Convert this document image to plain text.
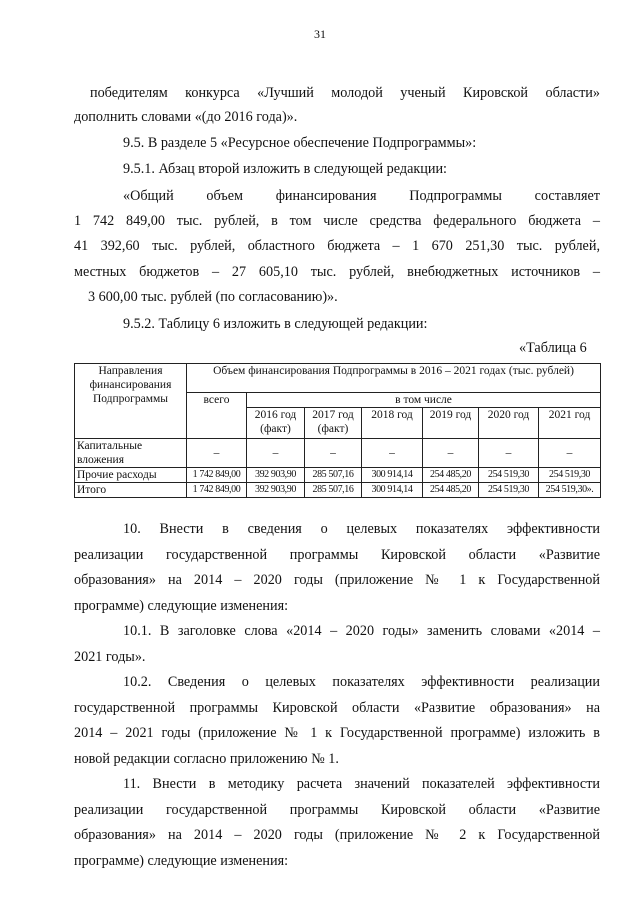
31

победителям конкурса «Лучший молодой ученый Кировской области»

дополнить словами «(до 2016 года)».

9.5. В разделе 5 «Ресурсное обеспечение Подпрограммы»:

9.5.1. Абзац второй изложить в следующей редакции:

«Общий объем финансирования Подпрограммы составляет

1 742 849,00 тыс. рублей, в том числе средства федерального бюджета –

41 392,60 тыс. рублей, областного бюджета – 1 670 251,30 тыс. рублей,

местных бюджетов – 27 605,10 тыс. рублей, внебюджетных источников –

3 600,00 тыс. рублей (по согласованию)».

9.5.2. Таблицу 6 изложить в следующей редакции:

«Таблица 6

Направления финансирования Подпрограммы	Объем финансирования Подпрограммы в 2016 – 2021 годах (тыс. рублей)						
	всего	в том числе					
		2016 год (факт)	2017 год (факт)	2018 год	2019 год	2020 год	2021 год
Капитальные вложения	–	–	–	–	–	–	–
Прочие расходы	1 742 849,00	392 903,90	285 507,16	300 914,14	254 485,20	254 519,30	254 519,30
Итого	1 742 849,00	392 903,90	285 507,16	300 914,14	254 485,20	254 519,30	254 519,30».

10. Внести в сведения о целевых показателях эффективности

реализации государственной программы Кировской области «Развитие

образования» на 2014 – 2020 годы (приложение № 1 к Государственной

программе) следующие изменения:

10.1. В заголовке слова «2014 – 2020 годы» заменить словами «2014 –

2021 годы».

10.2. Сведения о целевых показателях эффективности реализации

государственной программы Кировской области «Развитие образования» на

2014 – 2021 годы (приложение № 1 к Государственной программе) изложить в

новой редакции согласно приложению № 1.

11. Внести в методику расчета значений показателей эффективности

реализации государственной программы Кировской области «Развитие

образования» на 2014 – 2020 годы (приложение № 2 к Государственной

программе) следующие изменения:
